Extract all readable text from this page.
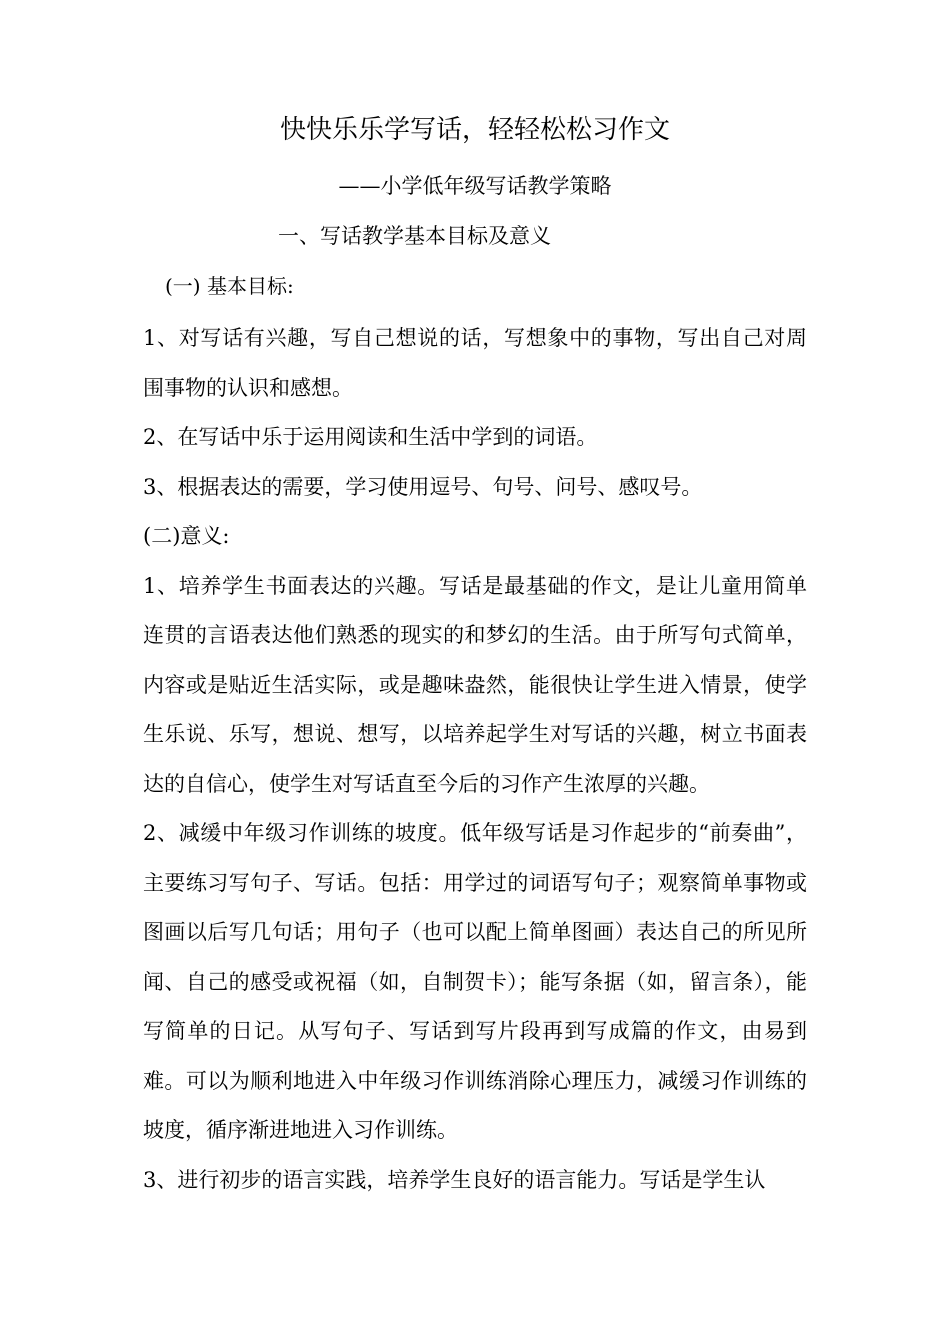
快快乐乐学写话，轻轻松松习作文
——小学低年级写话教学策略
一、写话教学基本目标及意义
(一) 基本目标:

1、对写话有兴趣，写自己想说的话，写想象中的事物，写出自己对周围事物的认识和感想。

2、在写话中乐于运用阅读和生活中学到的词语。

3、根据表达的需要，学习使用逗号、句号、问号、感叹号。

(二)意义:

1、培养学生书面表达的兴趣。写话是最基础的作文，是让儿童用简单连贯的言语表达他们熟悉的现实的和梦幻的生活。由于所写句式简单，内容或是贴近生活实际，或是趣味盎然，能很快让学生进入情景，使学生乐说、乐写，想说、想写，以培养起学生对写话的兴趣，树立书面表达的自信心，使学生对写话直至今后的习作产生浓厚的兴趣。

2、减缓中年级习作训练的坡度。低年级写话是习作起步的“前奏曲”，主要练习写句子、写话。包括：用学过的词语写句子；观察简单事物或图画以后写几句话；用句子（也可以配上简单图画）表达自己的所见所闻、自己的感受或祝福（如，自制贺卡）；能写条据（如，留言条），能写简单的日记。从写句子、写话到写片段再到写成篇的作文，由易到难。可以为顺利地进入中年级习作训练消除心理压力，减缓习作训练的坡度，循序渐进地进入习作训练。

3、进行初步的语言实践，培养学生良好的语言能力。写话是学生认
